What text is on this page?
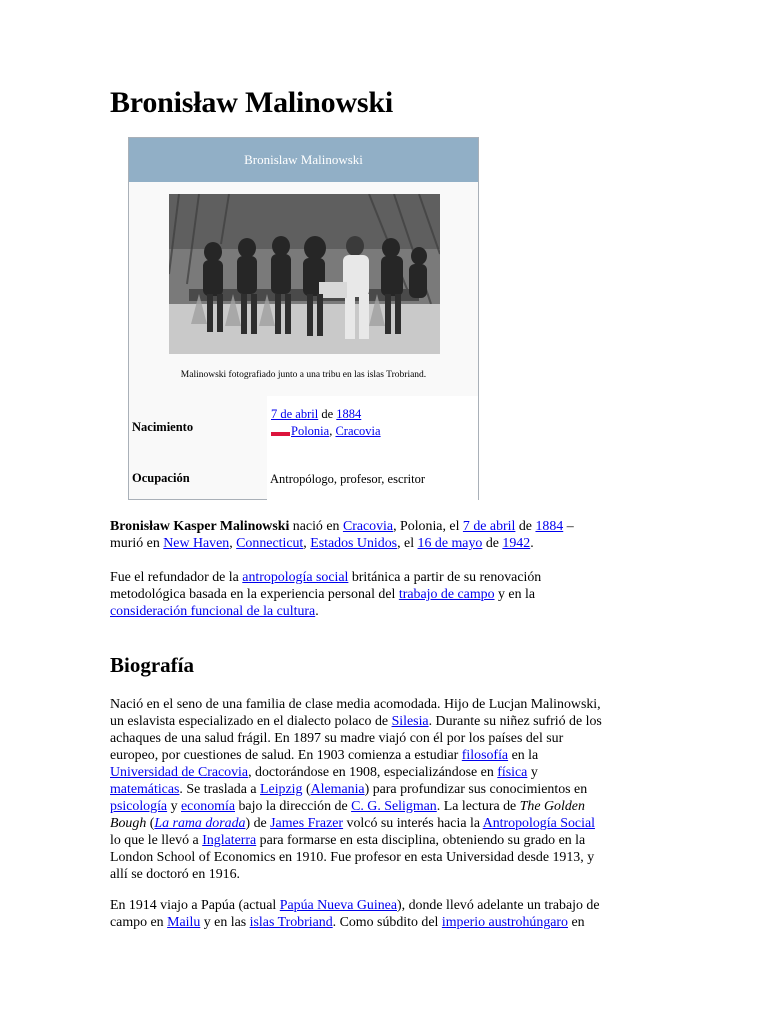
Bronisław Malinowski
Bronislaw Malinowski
Malinowski fotografiado junto a una tribu en las islas Trobriand.
Nacimiento
7 de abril de 1884

Polonia, Cracovia
Ocupación	Antropólogo, profesor, escritor

Bronisław Kasper Malinowski nació en Cracovia, Polonia, el 7 de abril de 1884 –
murió en New Haven, Connecticut, Estados Unidos, el 16 de mayo de 1942.

Fue el refundador de la antropología social británica a partir de su renovación
metodológica basada en la experiencia personal del trabajo de campo y en la
consideración funcional de la cultura.

Biografía

Nació en el seno de una familia de clase media acomodada. Hijo de Lucjan Malinowski,
un eslavista especializado en el dialecto polaco de Silesia. Durante su niñez sufrió de los
achaques de una salud frágil. En 1897 su madre viajó con él por los países del sur
europeo, por cuestiones de salud. En 1903 comienza a estudiar filosofía en la
Universidad de Cracovia, doctorándose en 1908, especializándose en física y
matemáticas. Se traslada a Leipzig (Alemania) para profundizar sus conocimientos en
psicología y economía bajo la dirección de C. G. Seligman. La lectura de The Golden
Bough (La rama dorada) de James Frazer volcó su interés hacia la Antropología Social
lo que le llevó a Inglaterra para formarse en esta disciplina, obteniendo su grado en la
London School of Economics en 1910. Fue profesor en esta Universidad desde 1913, y
allí se doctoró en 1916.

En 1914 viajo a Papúa (actual Papúa Nueva Guinea), donde llevó adelante un trabajo de
campo en Mailu y en las islas Trobriand. Como súbdito del imperio austrohúngaro en
